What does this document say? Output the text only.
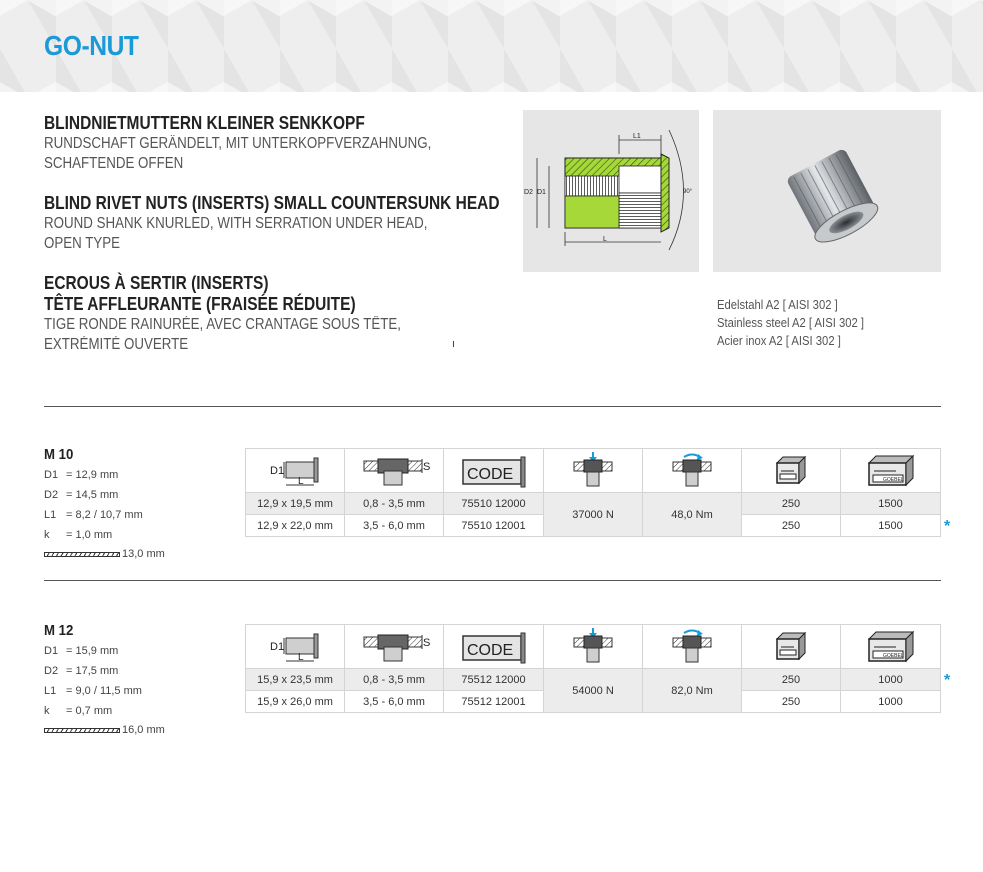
GO-NUT
BLINDNIETMUTTERN KLEINER SENKKOPF
RUNDSCHAFT GERÄNDELT, MIT UNTERKOPFVERZAHNUNG,
SCHAFTENDE OFFEN
BLIND RIVET NUTS (INSERTS) SMALL COUNTERSUNK HEAD
ROUND SHANK KNURLED, WITH SERRATION UNDER HEAD,
OPEN TYPE
ECROUS À SERTIR (INSERTS)
TÊTE AFFLEURANTE (FRAISÉE RÉDUITE)
TIGE RONDE RAINURÉE, AVEC CRANTAGE SOUS TÊTE,
EXTRÉMITÉ OUVERTE
L1
90°
D2 D1
L
Edelstahl A2 [ AISI 302 ]
Stainless steel A2 [ AISI 302 ]
Acier inox A2 [ AISI 302 ]
M 10
D1 = 12,9 mm
D2 = 14,5 mm
L1 = 8,2 / 10,7 mm
k	= 1,0 mm
13,0 mm
D1
L	S	CODE				GOEBEL

12,9 x 19,5 mm	0,8 - 3,5 mm	75510 12000	37000 N	48,0 Nm	250	1500
12,9 x 22,0 mm	3,5 - 6,0 mm	75510 12001			250	1500	*
M 12
D1 = 15,9 mm
D2 = 17,5 mm
L1 = 9,0 / 11,5 mm
k	= 0,7 mm
16,0 mm
D1
L	S	CODE				GOEBEL

15,9 x 23,5 mm	0,8 - 3,5 mm	75512 12000	54000 N	82,0 Nm	250	1000
15,9 x 26,0 mm	3,5 - 6,0 mm	75512 12001			250	1000
*
